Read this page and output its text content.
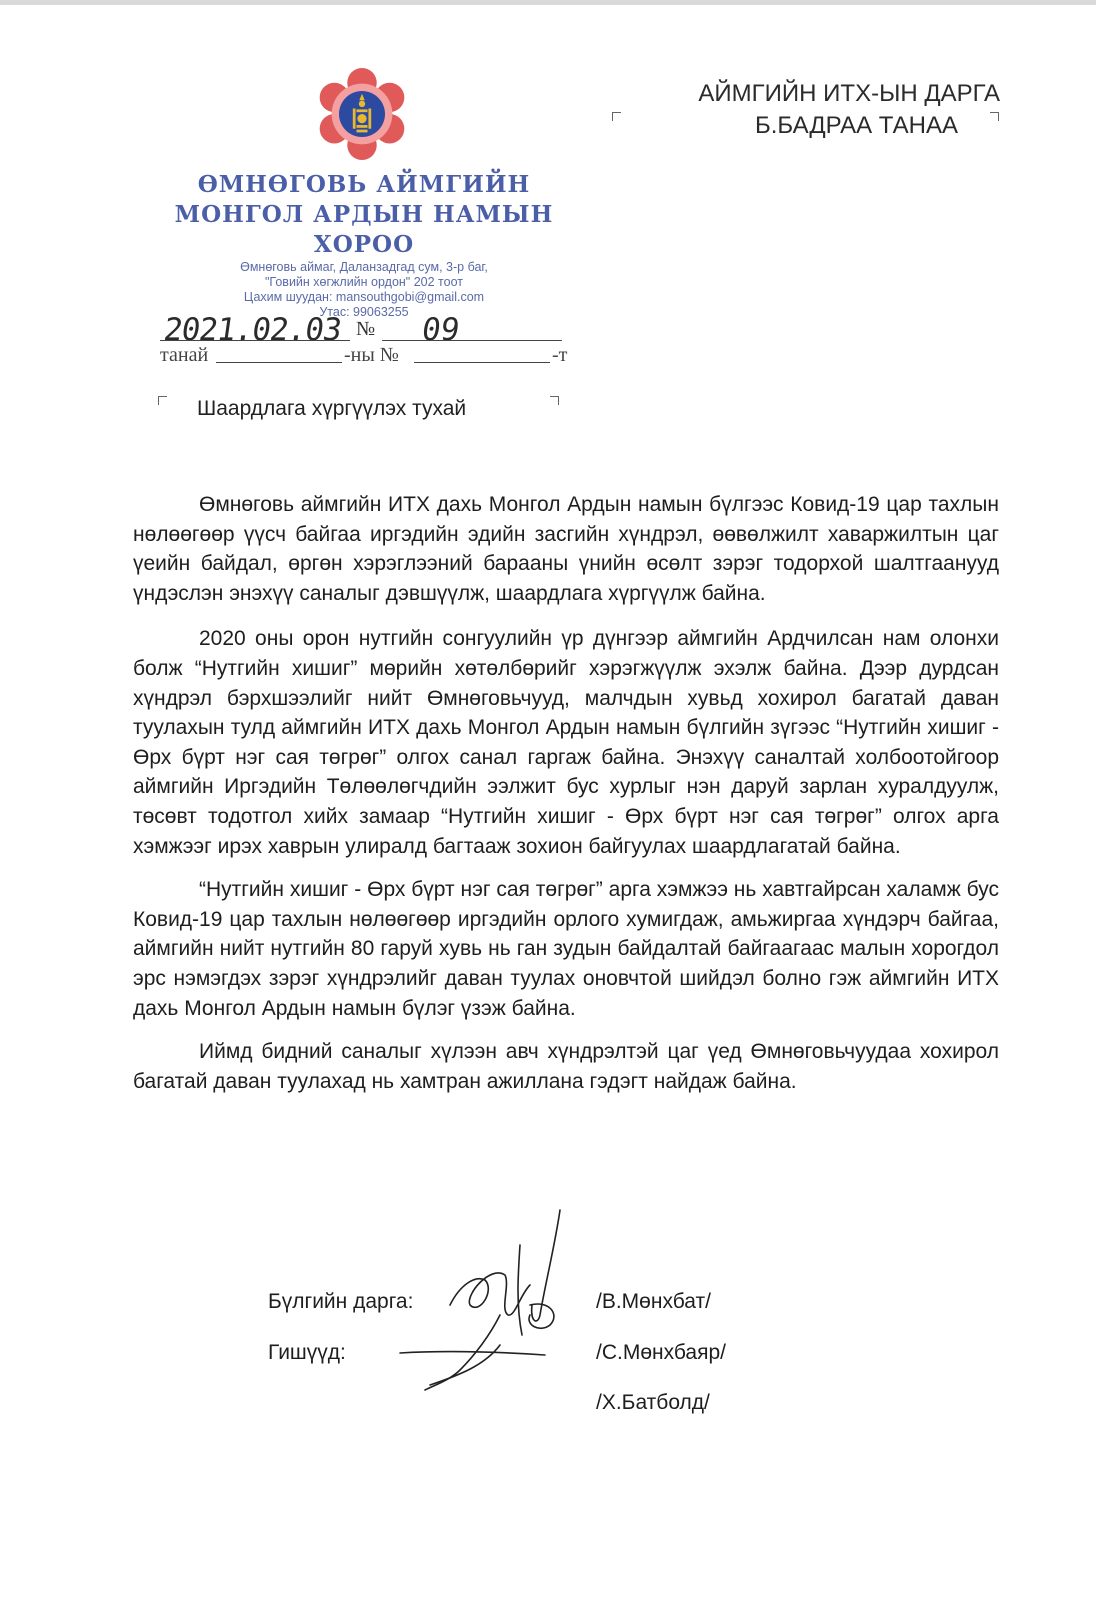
ӨМНӨГОВЬ АЙМГИЙН
МОНГОЛ АРДЫН НАМЫН
ХОРОО
Өмнөговь аймаг, Даланзадгад сум, 3-р баг,
"Говийн хөгжлийн ордон" 202 тоот
Цахим шуудан: mansouthgobi@gmail.com
Утас: 99063255
2021.02.03 № 09
танай	-ны №	-т
АЙМГИЙН ИТХ-ЫН ДАРГА
Б.БАДРАА ТАНАА
Шаардлага хүргүүлэх тухай

Өмнөговь аймгийн ИТХ дахь Монгол Ардын намын бүлгээс Ковид-19 цар тахлын нөлөөгөөр үүсч байгаа иргэдийн эдийн засгийн хүндрэл, өөвөлжилт хаваржилтын цаг үеийн байдал, өргөн хэрэглээний барааны үнийн өсөлт зэрэг тодорхой шалтгаанууд үндэслэн энэхүү саналыг дэвшүүлж, шаардлага хүргүүлж байна.

2020 оны орон нутгийн сонгуулийн үр дүнгээр аймгийн Ардчилсан нам олонхи болж “Нутгийн хишиг” мөрийн хөтөлбөрийг хэрэгжүүлж эхэлж байна. Дээр дурдсан хүндрэл бэрхшээлийг нийт Өмнөговьчууд, малчдын хувьд хохирол багатай даван туулахын тулд аймгийн ИТХ дахь Монгол Ардын намын бүлгийн зүгээс “Нутгийн хишиг - Өрх бүрт нэг сая төгрөг” олгох санал гаргаж байна. Энэхүү саналтай холбоотойгоор аймгийн Иргэдийн Төлөөлөгчдийн ээлжит бус хурлыг нэн даруй зарлан хуралдуулж, төсөвт тодотгол хийх замаар “Нутгийн хишиг - Өрх бүрт нэг сая төгрөг” олгох арга хэмжээг ирэх хаврын улиралд багтааж зохион байгуулах шаардлагатай байна.

“Нутгийн хишиг - Өрх бүрт нэг сая төгрөг” арга хэмжээ нь хавтгайрсан халамж бус Ковид-19 цар тахлын нөлөөгөөр иргэдийн орлого хумигдаж, амьжиргаа хүндэрч байгаа, аймгийн нийт нутгийн 80 гаруй хувь нь ган зудын байдалтай байгаагаас малын хорогдол эрс нэмэгдэх зэрэг хүндрэлийг даван туулах оновчтой шийдэл болно гэж аймгийн ИТХ дахь Монгол Ардын намын бүлэг үзэж байна.

Иймд бидний саналыг хүлээн авч хүндрэлтэй цаг үед Өмнөговьчуудаа хохирол багатай даван туулахад нь хамтран ажиллана гэдэгт найдаж байна.

Бүлгийн дарга:
Гишүүд:
/В.Мөнхбат/
/С.Мөнхбаяр/
/Х.Батболд/
